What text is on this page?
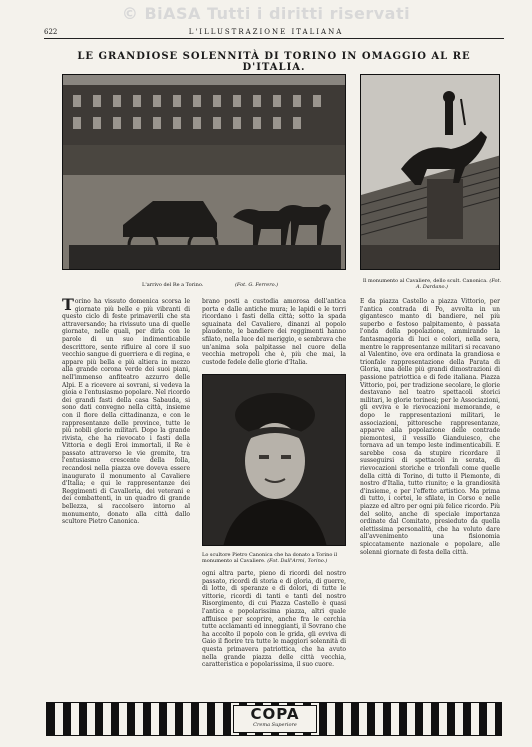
© BiASA Tutti i diritti riservati
622	L'ILLUSTRAZIONE ITALIANA
LE GRANDIOSE SOLENNITÀ DI TORINO IN OMAGGIO AL RE D'ITALIA.
L'arrivo del Re a Torino.	(Fot. G. Ferrero.)
Il monumento al Cavaliere, dello scult. Canonica. (Fot. A. Dardano.)
T orino ha vissuto domenica scorsa le giornate più belle e più vibranti di questo ciclo di feste primaverili che sta attraversando; ha rivissuto una di quelle giornate, nelle quali, per dirla con le parole di un suo indimenticabile descrittore, sente rifluire al core il suo vecchio sangue di guerriera e di regina, e appare più bella e più altiera in mezzo alla grande corona verde dei suoi piani, nell'immenso anfiteatro azzurro delle Alpi. E a ricevere ai sovrani, si vedeva la gioia e l'entusiasmo popolare. Nel ricordo dei grandi fasti della casa Sabauda, si sono dati convegno nella città, insieme con il fiore della cittadinanza, e con le rappresentanze delle province, tutte le più nobili glorie militari. Dopo la grande rivista, che ha rievocato i fasti della Vittoria e degli Eroi immortali, il Re è passato attraverso le vie gremite, tra l'entusiasmo crescente della folla, recandosi nella piazza ove doveva essere inaugurato il monumento al Cavaliere d'Italia; e qui le rappresentanze dei Reggimenti di Cavalleria, dei veterani e dei combattenti, in un quadro di grande bellezza, si raccolsero intorno al monumento, donato alla città dallo scultore Pietro Canonica.
brano posti a custodia amorosa dell'antica porta e dalle antiche mura; le lapidi e le torri ricordano i fasti della città; sotto la spada sguainata del Cavaliere, dinanzi al popolo plaudente, le bandiere dei reggimenti hanno sfilato, nella luce del meriggio, e sembrava che un'anima sola palpitasse nel cuore della vecchia metropoli che è, più che mai, la custode fedele delle glorie d'Italia.
Lo scultore Pietro Canonica che ha donato a Torino il monumento al Cavaliere. (Fot. Dall'Armi, Torino.)
ogni altra parte, pieno di ricordi del nostro passato, ricordi di storia e di gloria, di guerre, di lotte, di speranze e di dolori, di tutte le vittorie, ricordi di tanti e tanti del nostro Risorgimento, di cui Piazza Castello è quasi l'antica e popolarissima piazza, altri quale affluisce per scoprire, anche fra le cerchia tutte acclamanti ed inneggianti, il Sovrano che ha accolto il popolo con le grida, gli evviva di Gaio il fiorire tra tutte le maggiori solennità di questa primavera patriottica, che ha avuto nella grande piazza delle città vecchia, caratteristica e popolarissima, il suo cuore.
E da piazza Castello a piazza Vittorio, per l'antica contrada di Po, avvolta in un gigantesco manto di bandiere, nel più superbo e festoso palpitamento, è passata l'onda della popolazione, ammirando la fantasmagoria di luci e colori, nella sera, mentre le rappresentanze militari si recavano al Valentino, ove era ordinata la grandiosa e trionfale rappresentazione della Parata di Gloria, una delle più grandi dimostrazioni di passione patriottica e di fede italiana. Piazza Vittorio, poi, per tradizione secolare, le glorie destavano nel teatro spettacoli storici militari, le glorie torinesi; per le Associazioni, gli evviva e le rievocazioni memorande, e dopo le rappresentazioni militari, le associazioni, pittoresche rappresentanze, apparve alla popolazione delle contrade piemontesi, il vessillo Gianduiesco, che tornava ad un tempo leste indimenticabili. E sarebbe cosa da stupire ricordare il susseguirsi di spettacoli in serata, di rievocazioni storiche e trionfali come quelle della città di Torino, di tutto il Piemonte, di nostro d'Italia, tutto riunito; e la grandiosità d'insieme, e per l'effetto artistico. Ma prima di tutto, i cortei, le sfilate, in Corso e nelle piazze ed altro per ogni più felice ricordo. Più del solito, anche di speciale importanza ordinate dal Comitato, presieduto da quella elettissima personalità, che ha voluto dare all'avvenimento una fisionomia spiccatamente nazionale e popolare, alle solenni giornate di festa della città.
COPA
Crema Superiore
